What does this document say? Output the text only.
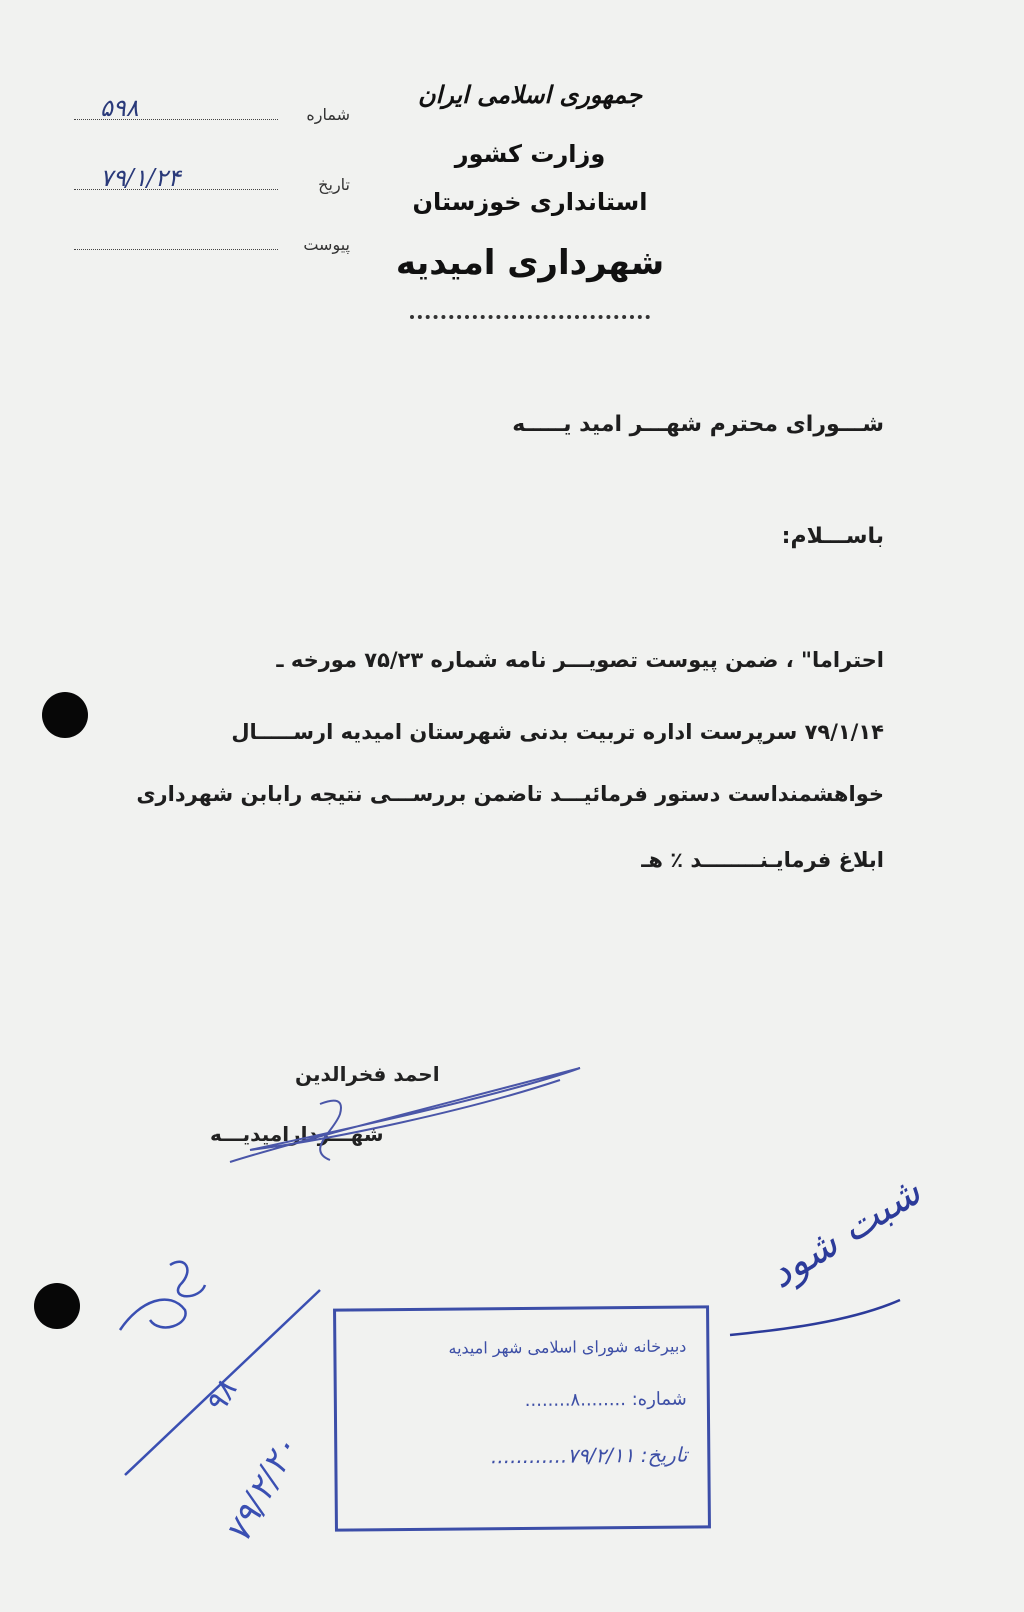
شماره
۵۹۸
تاریخ
۷۹/۱/۲۴
پیوست
جمهوری اسلامی ایران
وزارت کشور
استانداری خوزستان
شهرداری امیدیه
شـــورای محترم شهـــر امید یـــــه
باســـلام:
احتراما" ، ضمن پیوست تصویـــر نامه شماره ۷۵/۲۳ مورخه ـ
۷۹/۱/۱۴ سرپرست اداره تربیت بدنی شهرستان امیدیه ارســـــال
خواهشمنداست دستور فرمائیـــد تاضمن بررســـی نتیجه رابابن شهرداری
ابلاغ فرمایـنــــــــد ٪ هـ
احمد فخرالدین
شهـــرداراميديـــه
دبیرخانه شورای اسلامی شهر امیدیه
شماره: ........۸........
تاریخ: ۷۹/۲/۱۱............
شبت شود
۷۹/۲/۲۰
۹۸
